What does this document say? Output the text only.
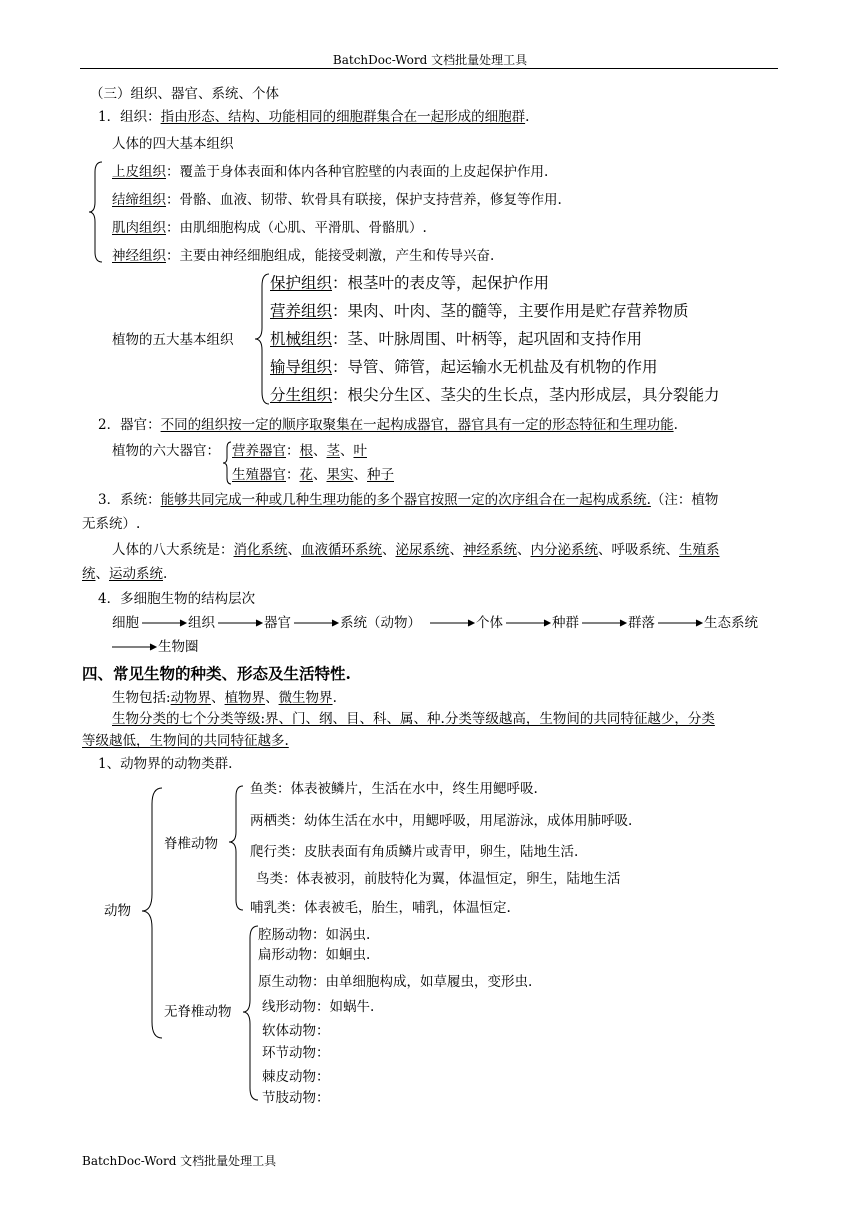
BatchDoc-Word 文档批量处理工具
（三）组织、器官、系统、个体
1．组织：指由形态、结构、功能相同的细胞群集合在一起形成的细胞群.
人体的四大基本组织
上皮组织：覆盖于身体表面和体内各种官腔壁的内表面的上皮起保护作用.
结缔组织：骨骼、血液、韧带、软骨具有联接，保护支持营养，修复等作用.
肌肉组织：由肌细胞构成（心肌、平滑肌、骨骼肌）.
神经组织：主要由神经细胞组成，能接受刺激，产生和传导兴奋.
植物的五大基本组织
保护组织：根茎叶的表皮等，起保护作用
营养组织：果肉、叶肉、茎的髓等，主要作用是贮存营养物质
机械组织：茎、叶脉周围、叶柄等，起巩固和支持作用
输导组织：导管、筛管，起运输水无机盐及有机物的作用
分生组织：根尖分生区、茎尖的生长点，茎内形成层，具分裂能力
2．器官：不同的组织按一定的顺序取聚集在一起构成器官，器官具有一定的形态特征和生理功能.
植物的六大器官： 营养器官：根、茎、叶
生殖器官：花、果实、种子
3．系统：能够共同完成一种或几种生理功能的多个器官按照一定的次序组合在一起构成系统.（注：植物
无系统）.
人体的八大系统是：消化系统、血液循环系统、泌尿系统、神经系统、内分泌系统、呼吸系统、生殖系
统、运动系统.
4．多细胞生物的结构层次
细胞	组织	器官	系统（动物）	个体	种群	群落	生态系统
生物圈
四、常见生物的种类、形态及生活特性.
生物包括:动物界、植物界、微生物界.
生物分类的七个分类等级:界、门、纲、目、科、属、种.分类等级越高，生物间的共同特征越少，分类
等级越低，生物间的共同特征越多.
1、动物界的动物类群.
动物
脊椎动物
鱼类：体表被鳞片，生活在水中，终生用鳃呼吸.
两栖类：幼体生活在水中，用鳃呼吸，用尾游泳，成体用肺呼吸.
爬行类：皮肤表面有角质鳞片或青甲，卵生，陆地生活.
鸟类：体表被羽，前肢特化为翼，体温恒定，卵生，陆地生活
哺乳类：体表被毛，胎生，哺乳，体温恒定.
无脊椎动物
腔肠动物：如涡虫.
扁形动物：如蛔虫.
原生动物：由单细胞构成，如草履虫，变形虫.
线形动物：如蜗牛.
软体动物：
环节动物：
棘皮动物：
节肢动物：
BatchDoc-Word 文档批量处理工具
